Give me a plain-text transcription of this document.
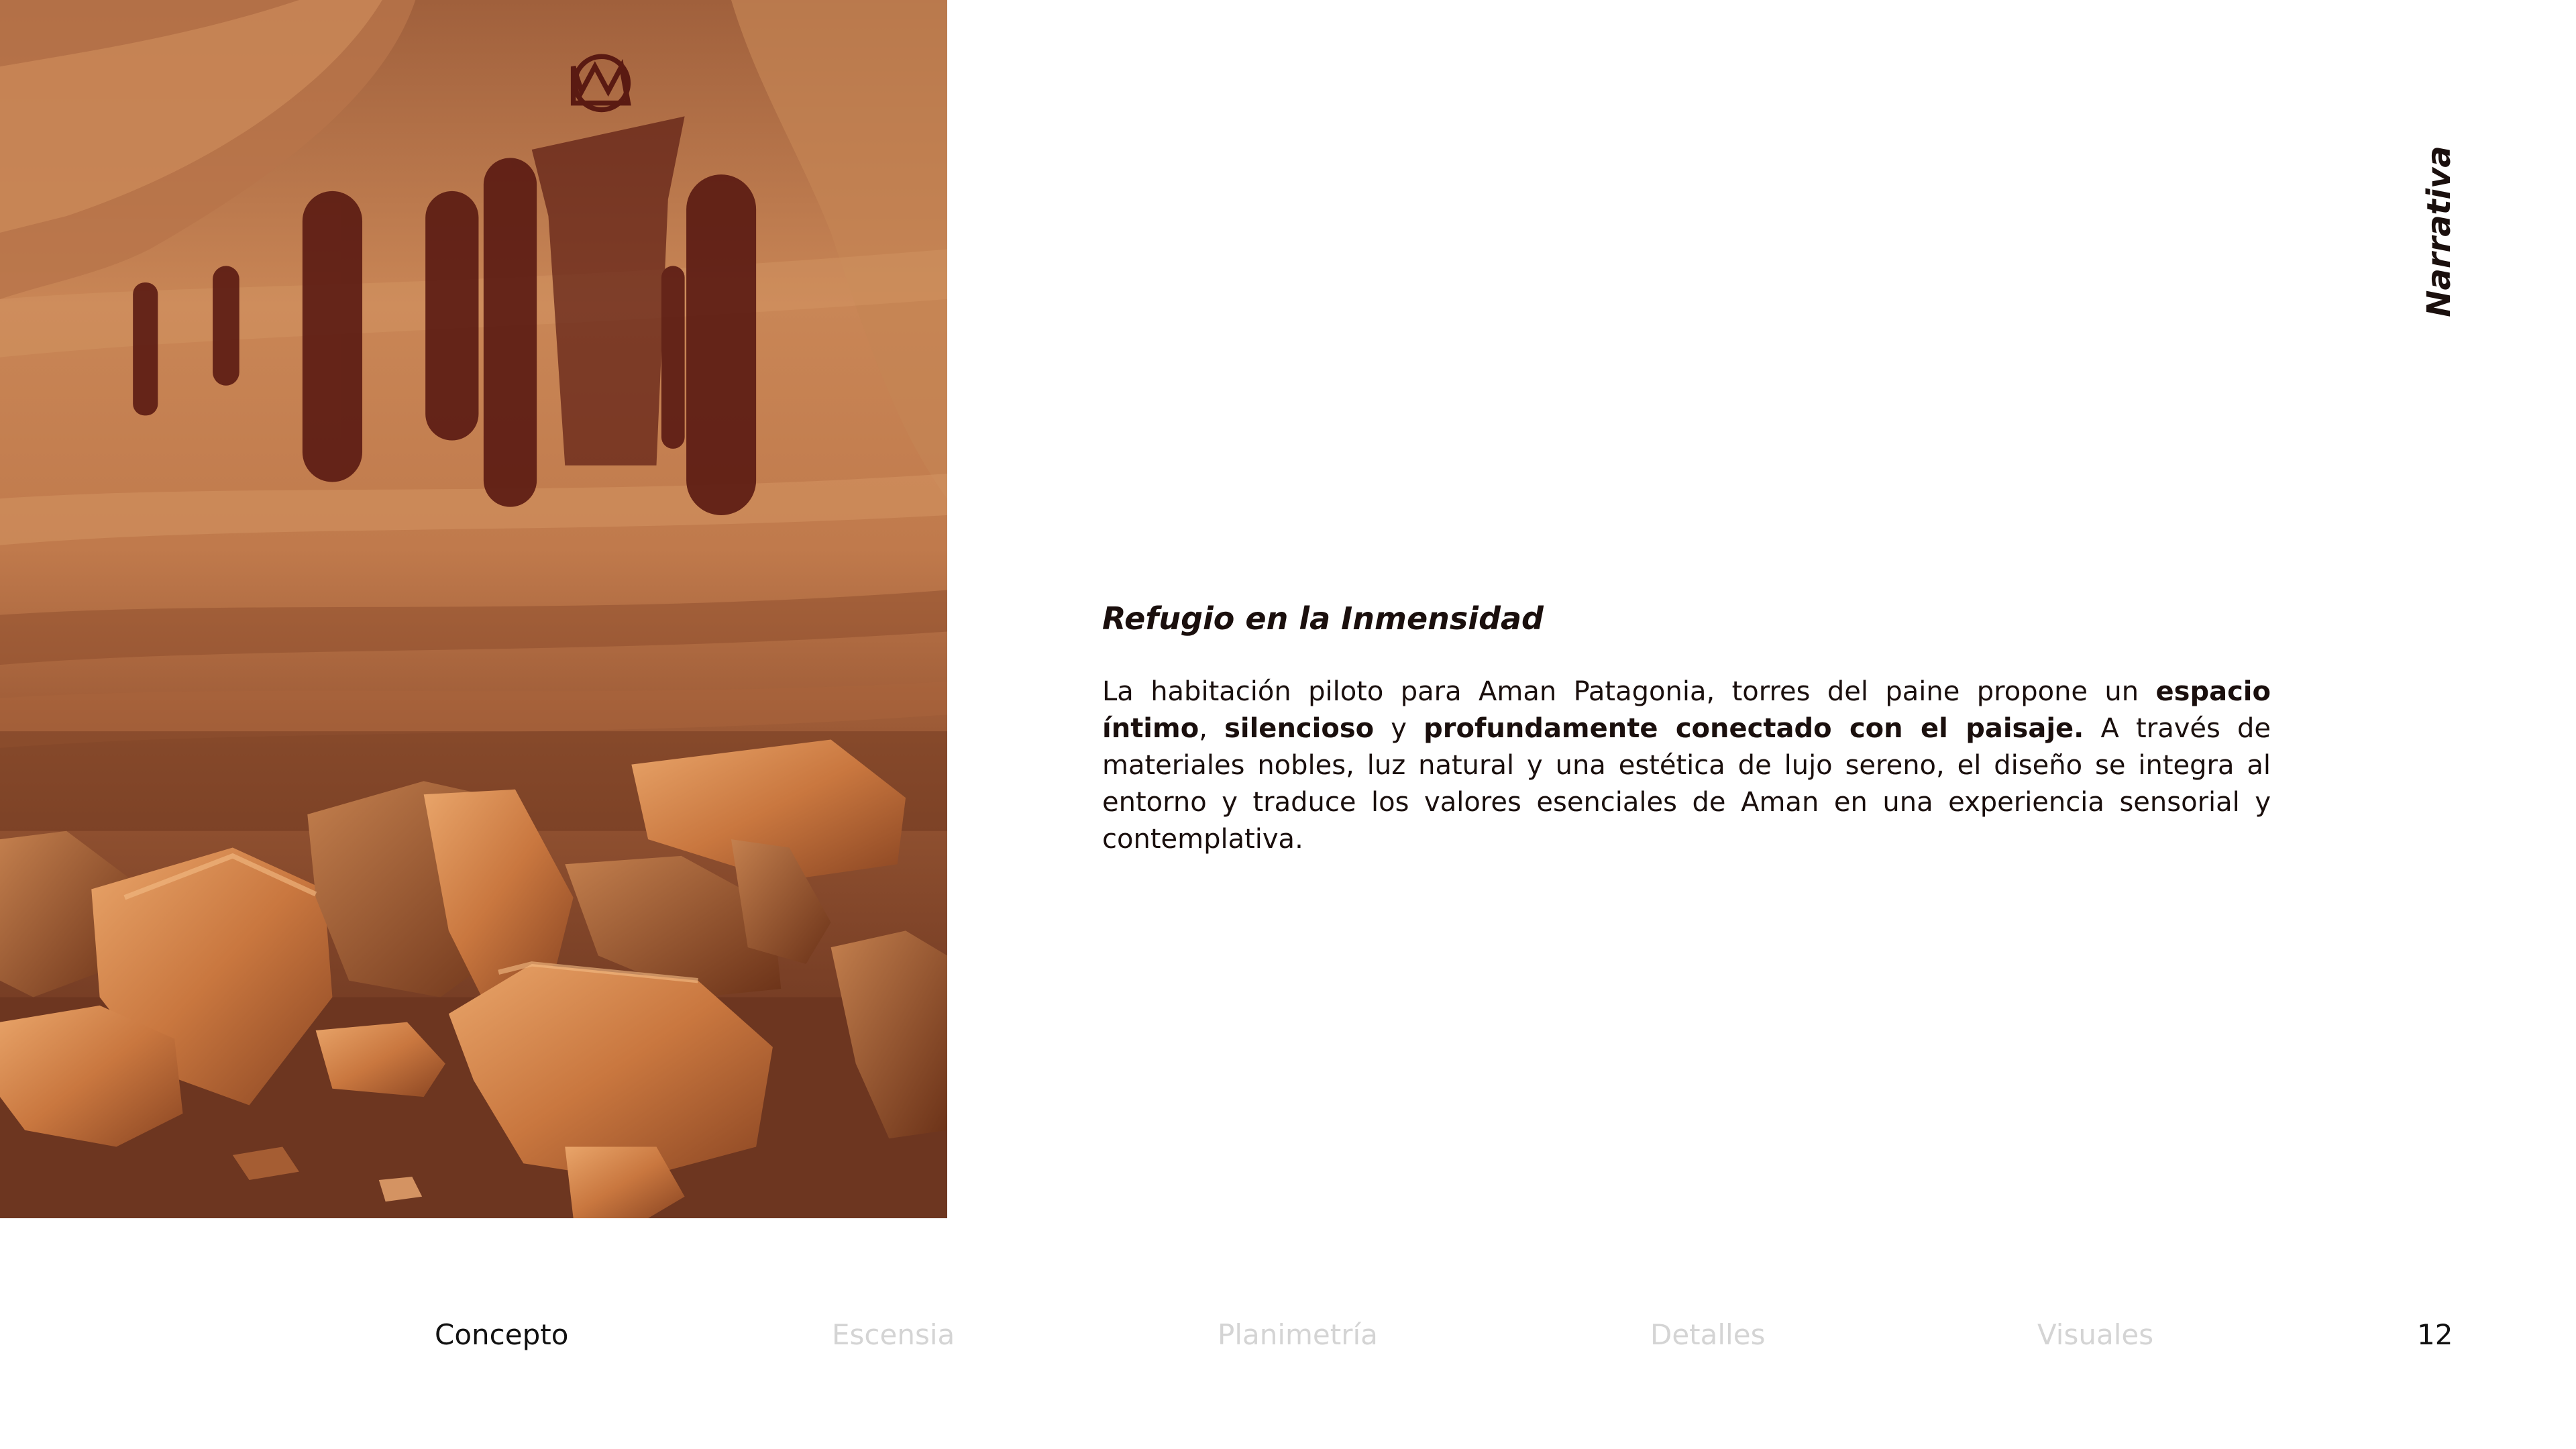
Narrativa
Refugio en la Inmensidad

La habitación piloto para Aman Patagonia, torres del paine propone un espacio íntimo, silencioso y profundamente conectado con el paisaje. A través de materiales nobles, luz natural y una estética de lujo sereno, el diseño se integra al entorno y traduce los valores esenciales de Aman en una experiencia sensorial y contemplativa.

Concepto	Escensia	Planimetría	Detalles	Visuales	12
